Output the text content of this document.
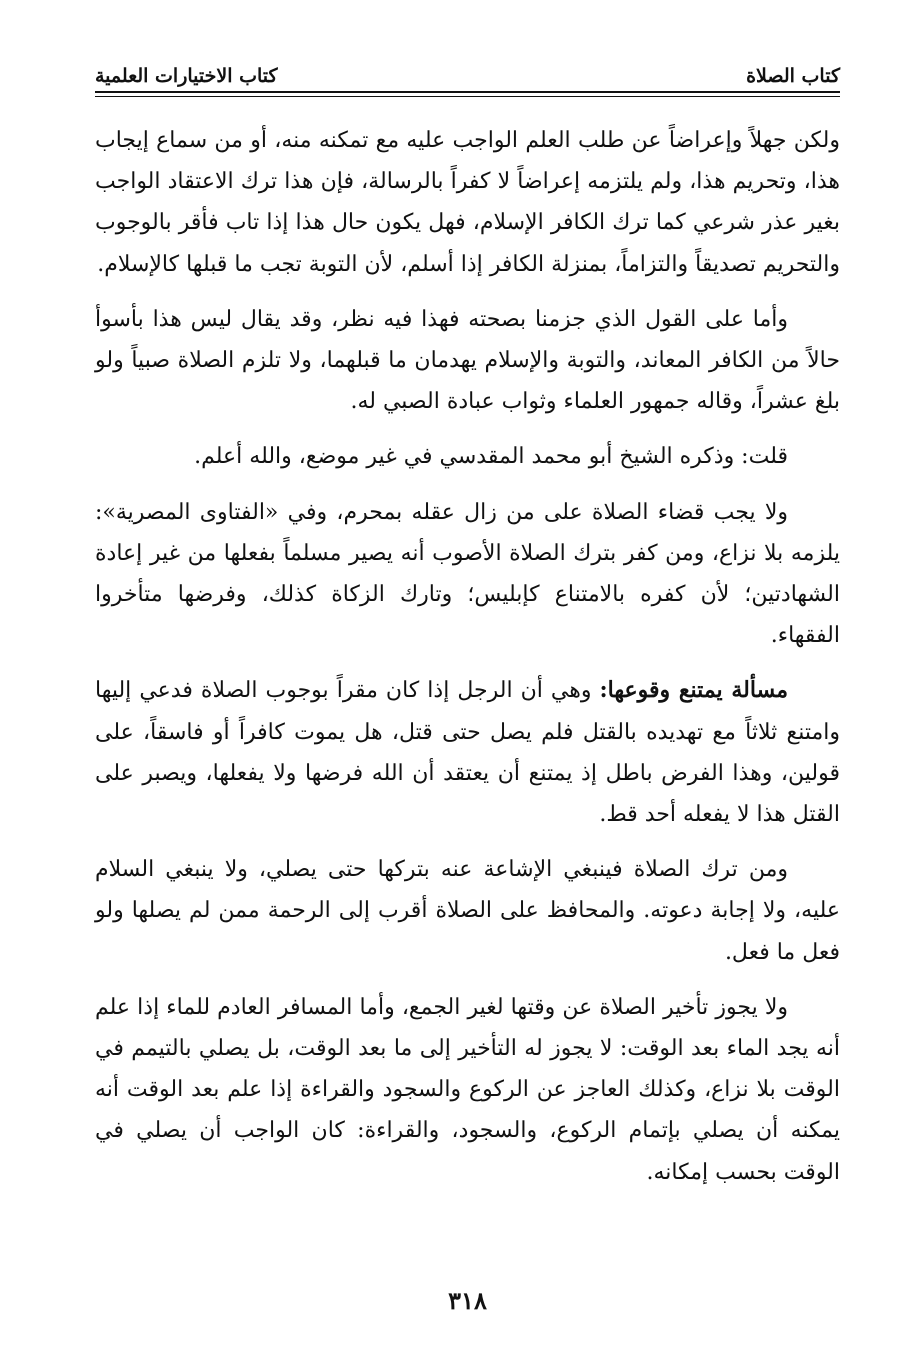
كتاب الصلاة
كتاب الاختيارات العلمية

ولكن جهلاً وإعراضاً عن طلب العلم الواجب عليه مع تمكنه منه، أو من سماع إيجاب هذا، وتحريم هذا، ولم يلتزمه إعراضاً لا كفراً بالرسالة، فإن هذا ترك الاعتقاد الواجب بغير عذر شرعي كما ترك الكافر الإسلام، فهل يكون حال هذا إذا تاب فأقر بالوجوب والتحريم تصديقاً والتزاماً، بمنزلة الكافر إذا أسلم، لأن التوبة تجب ما قبلها كالإسلام.

وأما على القول الذي جزمنا بصحته فهذا فيه نظر، وقد يقال ليس هذا بأسوأ حالاً من الكافر المعاند، والتوبة والإسلام يهدمان ما قبلهما، ولا تلزم الصلاة صبياً ولو بلغ عشراً، وقاله جمهور العلماء وثواب عبادة الصبي له.

قلت: وذكره الشيخ أبو محمد المقدسي في غير موضع، والله أعلم.

ولا يجب قضاء الصلاة على من زال عقله بمحرم، وفي «الفتاوى المصرية»: يلزمه بلا نزاع، ومن كفر بترك الصلاة الأصوب أنه يصير مسلماً بفعلها من غير إعادة الشهادتين؛ لأن كفره بالامتناع كإبليس؛ وتارك الزكاة كذلك، وفرضها متأخروا الفقهاء.

مسألة يمتنع وقوعها: وهي أن الرجل إذا كان مقراً بوجوب الصلاة فدعي إليها وامتنع ثلاثاً مع تهديده بالقتل فلم يصل حتى قتل، هل يموت كافراً أو فاسقاً، على قولين، وهذا الفرض باطل إذ يمتنع أن يعتقد أن الله فرضها ولا يفعلها، ويصبر على القتل هذا لا يفعله أحد قط.

ومن ترك الصلاة فينبغي الإشاعة عنه بتركها حتى يصلي، ولا ينبغي السلام عليه، ولا إجابة دعوته. والمحافظ على الصلاة أقرب إلى الرحمة ممن لم يصلها ولو فعل ما فعل.

ولا يجوز تأخير الصلاة عن وقتها لغير الجمع، وأما المسافر العادم للماء إذا علم أنه يجد الماء بعد الوقت: لا يجوز له التأخير إلى ما بعد الوقت، بل يصلي بالتيمم في الوقت بلا نزاع، وكذلك العاجز عن الركوع والسجود والقراءة إذا علم بعد الوقت أنه يمكنه أن يصلي بإتمام الركوع، والسجود، والقراءة: كان الواجب أن يصلي في الوقت بحسب إمكانه.

٣١٨
